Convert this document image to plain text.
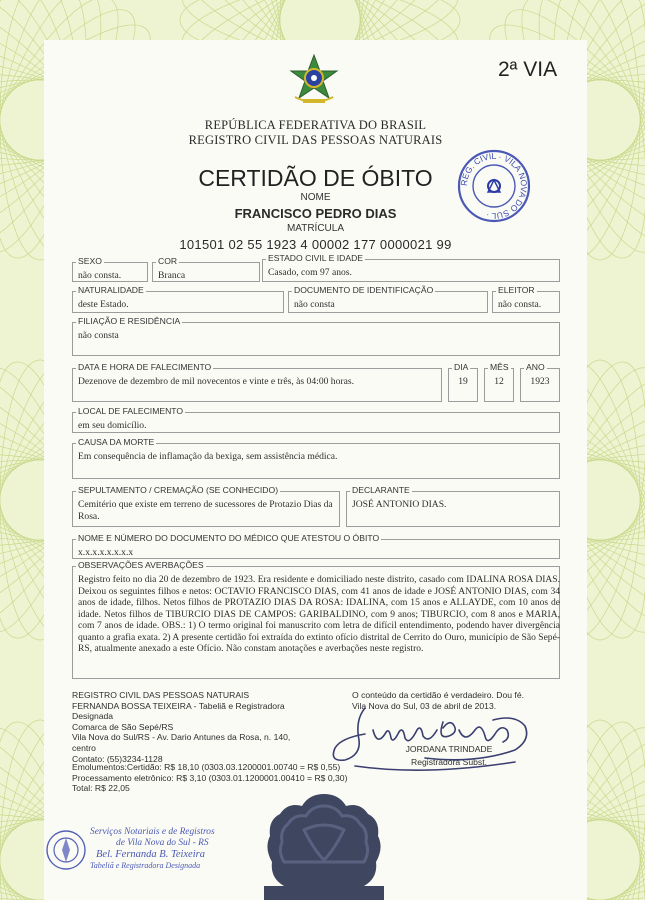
2ª VIA
REPÚBLICA FEDERATIVA DO BRASIL
REGISTRO CIVIL DAS PESSOAS NATURAIS
CERTIDÃO DE ÓBITO
NOME
FRANCISCO PEDRO DIAS
MATRÍCULA
101501 02 55 1923 4 00002 177 0000021 99
REG. CIVIL · VILA NOVA DO SUL ·
SEXO
não consta.
COR
Branca
ESTADO CIVIL E IDADE
Casado, com 97 anos.
NATURALIDADE
deste Estado.
DOCUMENTO DE IDENTIFICAÇÃO
não consta
ELEITOR
não consta.
FILIAÇÃO E RESIDÊNCIA
não consta
DATA E HORA DE FALECIMENTO
Dezenove de dezembro de mil novecentos e vinte e três, às 04:00 horas.
DIA
19
MÊS
12
ANO
1923
LOCAL DE FALECIMENTO
em seu domicílio.
CAUSA DA MORTE
Em consequência de inflamação da bexiga, sem assistência médica.
SEPULTAMENTO / CREMAÇÃO (SE CONHECIDO)
Cemitério que existe em terreno de sucessores de Protazio Dias da Rosa.
DECLARANTE
JOSÉ ANTONIO DIAS.
NOME E NÚMERO DO DOCUMENTO DO MÉDICO QUE ATESTOU O ÓBITO
x.x.x.x.x.x.x.x
OBSERVAÇÕES AVERBAÇÕES
Registro feito no dia 20 de dezembro de 1923. Era residente e domiciliado neste distrito, casado com IDALINA ROSA DIAS. Deixou os seguintes filhos e netos: OCTAVIO FRANCISCO DIAS, com 41 anos de idade e JOSÉ ANTONIO DIAS, com 34 anos de idade, filhos. Netos filhos de PROTAZIO DIAS DA ROSA: IDALINA, com 15 anos e ALLAYDE, com 10 anos de idade. Netos filhos de TIBURCIO DIAS DE CAMPOS: GARIBALDINO, com 9 anos; TIBURCIO, com 8 anos e MARIA, com 7 anos de idade. OBS.: 1) O termo original foi manuscrito com letra de difícil entendimento, podendo haver divergência quanto a grafia exata. 2) A presente certidão foi extraída do extinto ofício distrital de Cerrito do Ouro, município de São Sepé-RS, atualmente anexado a este Ofício. Não constam anotações e averbações neste registro.
REGISTRO CIVIL DAS PESSOAS NATURAIS
FERNANDA BOSSA TEIXEIRA - Tabeliã e Registradora
Designada
Comarca de São Sepé/RS
Vila Nova do Sul/RS - Av. Dario Antunes da Rosa, n. 140,
centro
Contato: (55)3234-1128
Emolumentos:Certidão: R$ 18,10 (0303.03.1200001.00740 = R$ 0,55)
Processamento eletrônico: R$ 3,10 (0303.01.1200001.00410 = R$ 0,30)
Total: R$ 22,05
O conteúdo da certidão é verdadeiro. Dou fé.
Vila Nova do Sul, 03 de abril de 2013.
JORDANA TRINDADE
Registradora Subst.
Serviços Notariais e de Registros
de Vila Nova do Sul - RS
Bel. Fernanda B. Teixeira
Tabeliã e Registradora Designada
